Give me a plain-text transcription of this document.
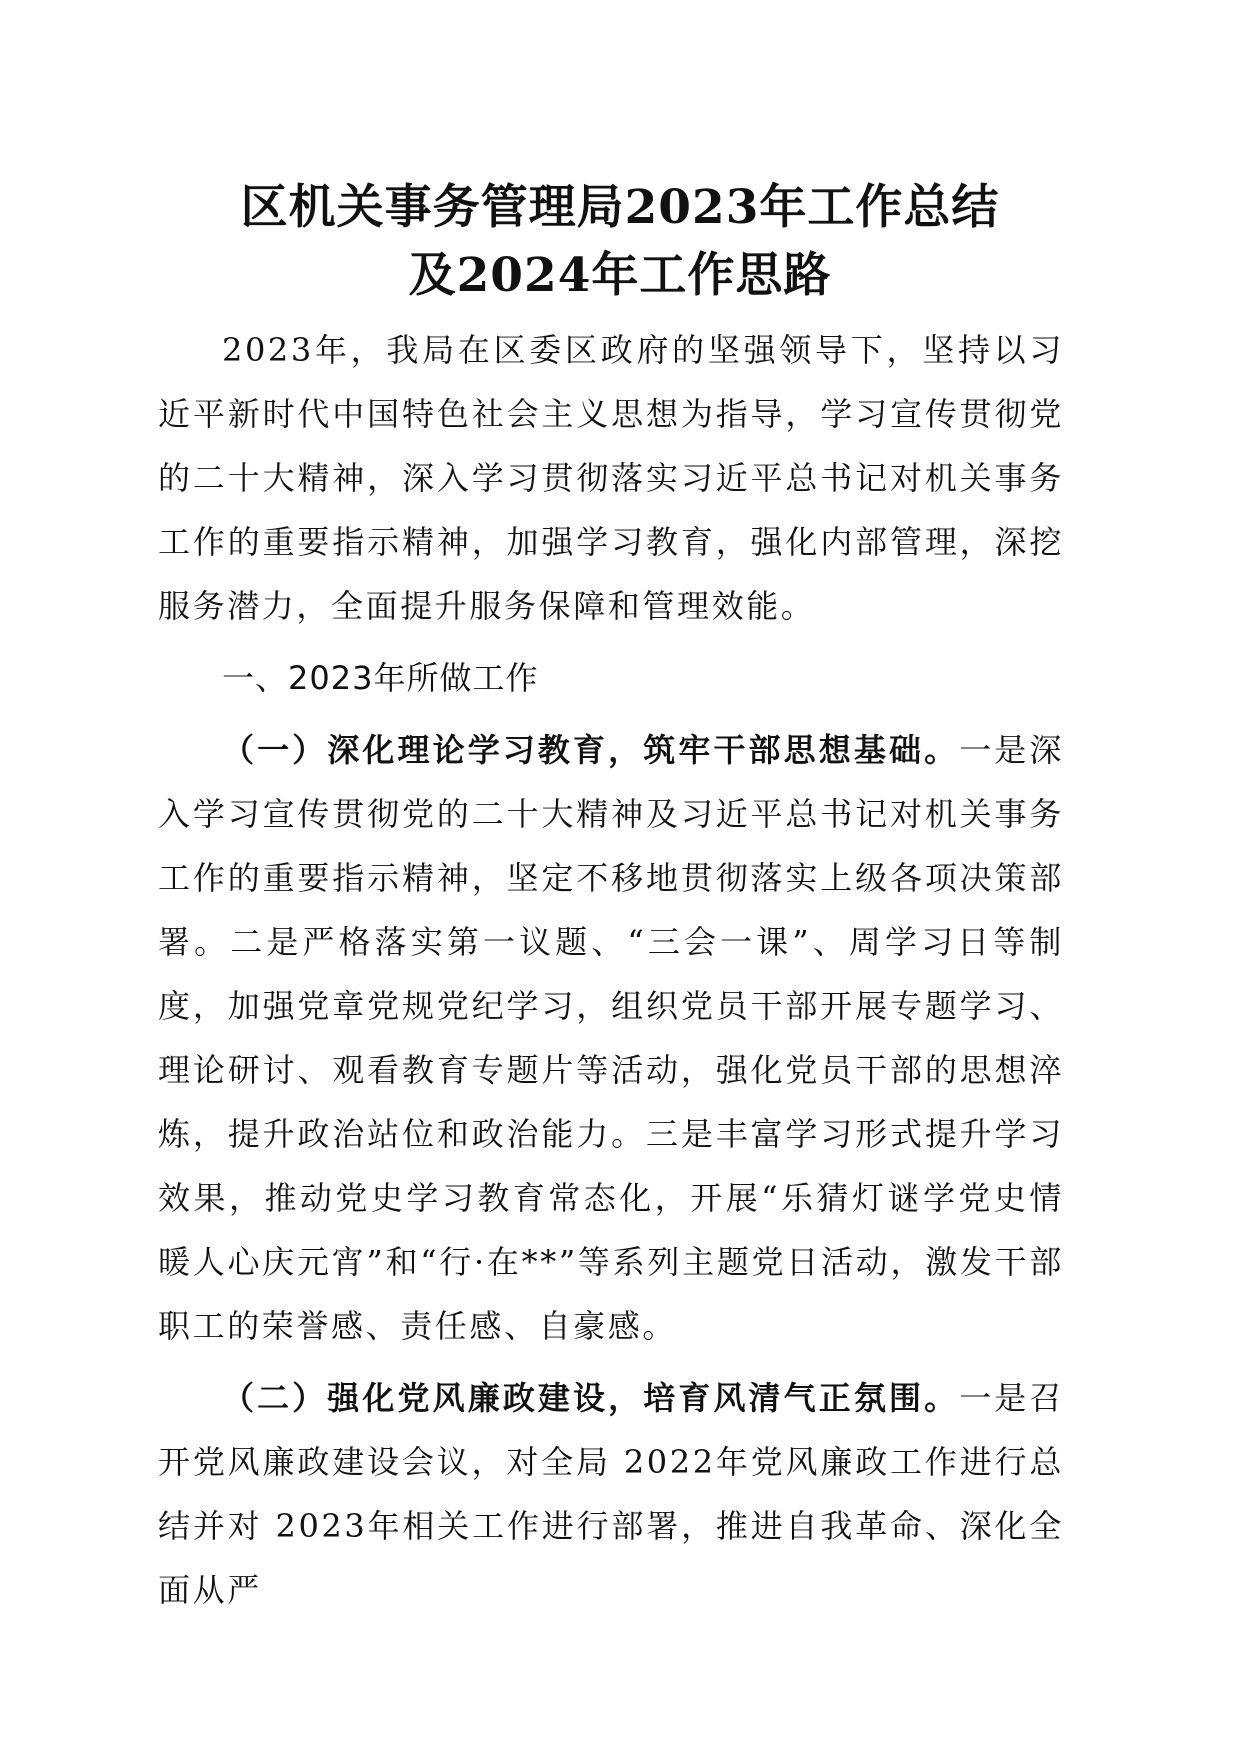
区机关事务管理局2023年工作总结
及2024年工作思路

2023年，我局在区委区政府的坚强领导下，坚持以习近平新时代中国特色社会主义思想为指导，学习宣传贯彻党的二十大精神，深入学习贯彻落实习近平总书记对机关事务工作的重要指示精神，加强学习教育，强化内部管理，深挖服务潜力，全面提升服务保障和管理效能。

一、2023年所做工作

（一）深化理论学习教育，筑牢干部思想基础。一是深入学习宣传贯彻党的二十大精神及习近平总书记对机关事务工作的重要指示精神，坚定不移地贯彻落实上级各项决策部署。二是严格落实第一议题、“三会一课”、周学习日等制度，加强党章党规党纪学习，组织党员干部开展专题学习、理论研讨、观看教育专题片等活动，强化党员干部的思想淬炼，提升政治站位和政治能力。三是丰富学习形式提升学习效果，推动党史学习教育常态化，开展“乐猜灯谜学党史情暖人心庆元宵”和“行·在**”等系列主题党日活动，激发干部职工的荣誉感、责任感、自豪感。

（二）强化党风廉政建设，培育风清气正氛围。一是召开党风廉政建设会议，对全局 2022年党风廉政工作进行总结并对 2023年相关工作进行部署，推进自我革命、深化全面从严
